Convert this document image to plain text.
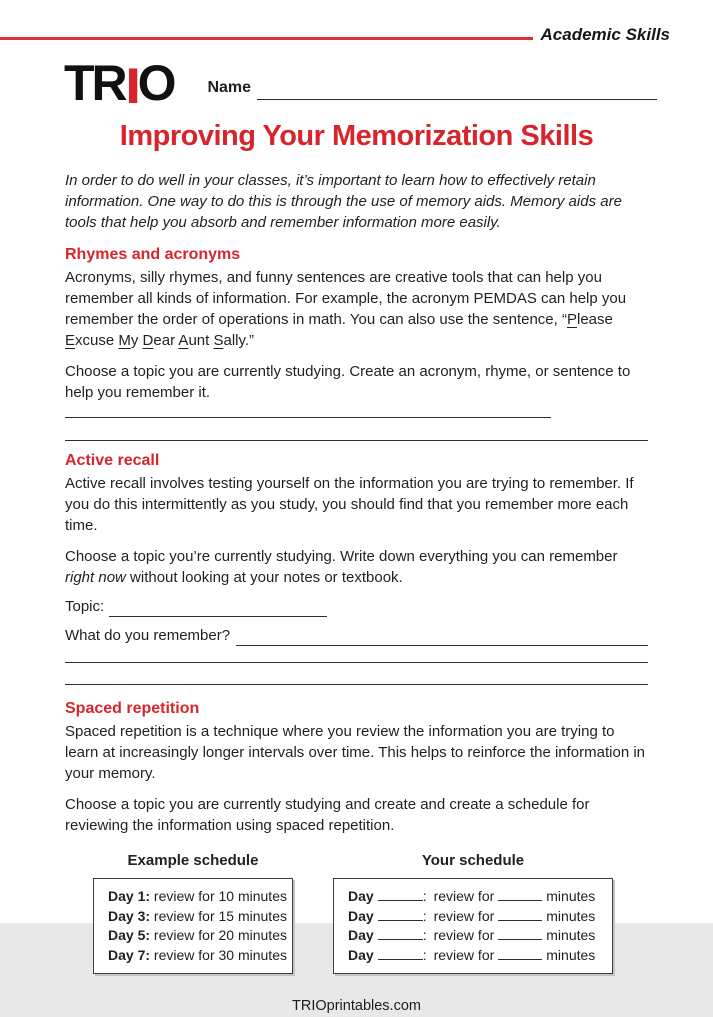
Academic Skills
TRIO Name
Improving Your Memorization Skills

In order to do well in your classes, it’s important to learn how to effectively retain information. One way to do this is through the use of memory aids. Memory aids are tools that help you absorb and remember information more easily.

Rhymes and acronyms

Acronyms, silly rhymes, and funny sentences are creative tools that can help you remember all kinds of information. For example, the acronym PEMDAS can help you remember the order of operations in math. You can also use the sentence, “Please Excuse My Dear Aunt Sally.”

Choose a topic you are currently studying. Create an acronym, rhyme, or sentence to help you remember it.

Active recall

Active recall involves testing yourself on the information you are trying to remember. If you do this intermittently as you study, you should find that you remember more each time.

Choose a topic you’re currently studying. Write down everything you can remember right now without looking at your notes or textbook.

Topic:
What do you remember?
Spaced repetition

Spaced repetition is a technique where you review the information you are trying to learn at increasingly longer intervals over time. This helps to reinforce the information in your memory.

Choose a topic you are currently studying and create and create a schedule for reviewing the information using spaced repetition.

Example schedule
Day 1: review for 10 minutes
Day 3: review for 15 minutes
Day 5: review for 20 minutes
Day 7: review for 30 minutes
Your schedule
Day	: review for	minutes
Day	: review for	minutes
Day	: review for	minutes
Day	: review for	minutes
TRIOprintables.com
